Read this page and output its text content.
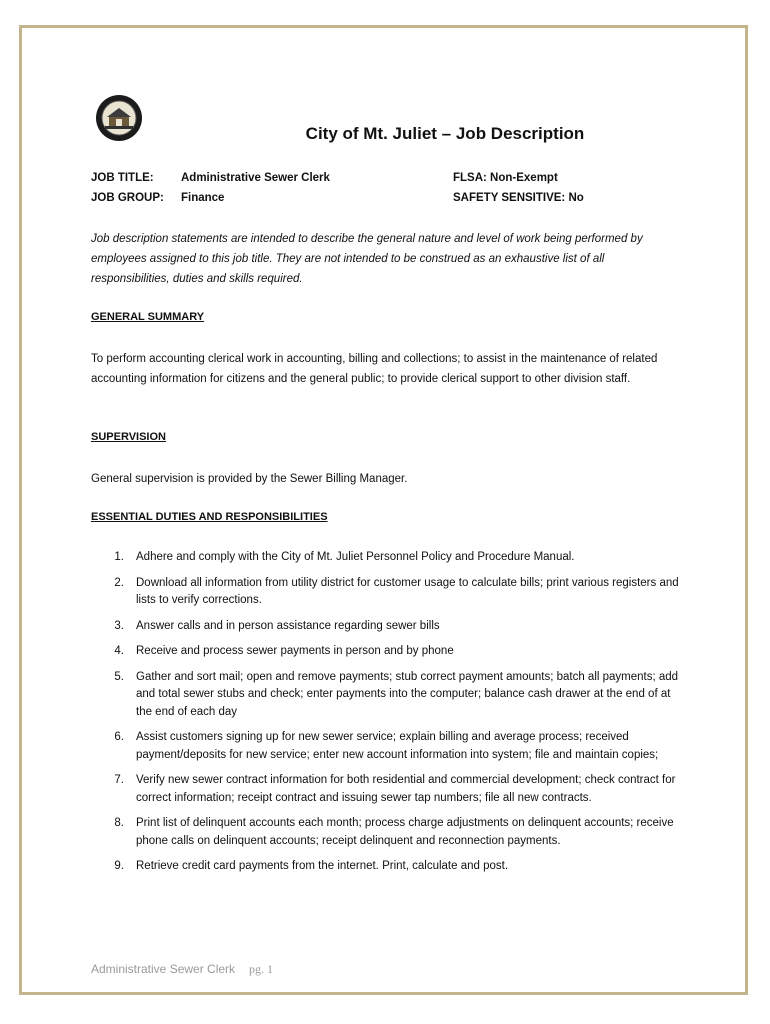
City of Mt. Juliet – Job Description
JOB TITLE: Administrative Sewer Clerk	FLSA: Non-Exempt
JOB GROUP: Finance	SAFETY SENSITIVE: No
Job description statements are intended to describe the general nature and level of work being performed by employees assigned to this job title. They are not intended to be construed as an exhaustive list of all responsibilities, duties and skills required.
GENERAL SUMMARY
To perform accounting clerical work in accounting, billing and collections; to assist in the maintenance of related accounting information for citizens and the general public; to provide clerical support to other division staff.
SUPERVISION
General supervision is provided by the Sewer Billing Manager.
ESSENTIAL DUTIES AND RESPONSIBILITIES
1.	Adhere and comply with the City of Mt. Juliet Personnel Policy and Procedure Manual.
2.	Download all information from utility district for customer usage to calculate bills; print various registers and lists to verify corrections.
3.	Answer calls and in person assistance regarding sewer bills
4.	Receive and process sewer payments in person and by phone
5.	Gather and sort mail; open and remove payments; stub correct payment amounts; batch all payments; add and total sewer stubs and check; enter payments into the computer; balance cash drawer at the end of at the end of each day
6.	Assist customers signing up for new sewer service; explain billing and average process; received payment/deposits for new service; enter new account information into system; file and maintain copies;
7.	Verify new sewer contract information for both residential and commercial development; check contract for correct information; receipt contract and issuing sewer tap numbers; file all new contracts.
8.	Print list of delinquent accounts each month; process charge adjustments on delinquent accounts; receive phone calls on delinquent accounts; receipt delinquent and reconnection payments.
9.	Retrieve credit card payments from the internet. Print, calculate and post.
Administrative Sewer Clerk pg. 1
